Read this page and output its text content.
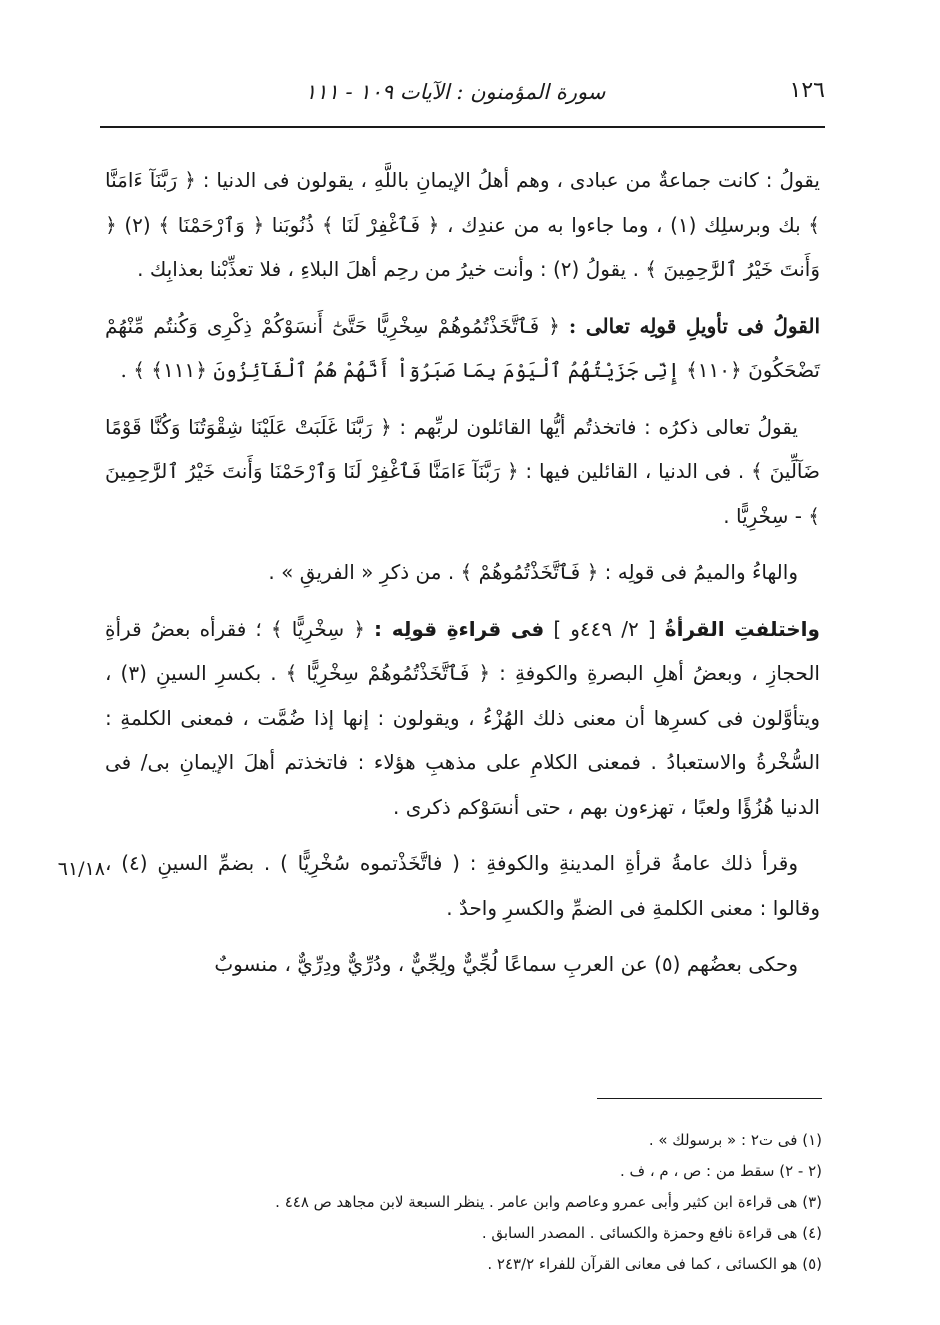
١٢٦
سورة المؤمنون : الآيات ١٠٩ - ١١١

يقولُ : كانت جماعةٌ من عبادى ، وهم أهلُ الإيمانِ باللَّهِ ، يقولون فى الدنيا : ﴿ رَبَّنَآ ءَامَنَّا ﴾ بك وبرسلِك (١) ، وما جاءوا به من عندِك ، ﴿ فَٱغْفِرْ لَنَا ﴾ ذُنُوبَنا ﴿ وَٱرْحَمْنَا ﴾ (٢) ﴿ وَأَنتَ خَيْرُ ٱلرَّٰحِمِينَ ﴾ . يقولُ (٢) : وأنت خيرُ من رحِم أهلَ البلاءِ ، فلا تعذِّبْنا بعذابِك .

القولُ فى تأويلِ قولِه تعالى : ﴿ فَٱتَّخَذْتُمُوهُمْ سِخْرِيًّا حَتَّىٰٓ أَنسَوْكُمْ ذِكْرِى وَكُنتُم مِّنْهُمْ تَضْحَكُونَ ﴿١١٠﴾ إِنِّى جَزَيْتُهُمُ ٱلْيَوْمَ بِمَا صَبَرُوٓاْ أَنَّهُمْ هُمُ ٱلْفَآئِزُونَ ﴿١١١﴾ ﴾ .

يقولُ تعالى ذكرُه : فاتخذتُم أيُّها القائلون لربِّهم : ﴿ رَبَّنَا غَلَبَتْ عَلَيْنَا شِقْوَتُنَا وَكُنَّا قَوْمًا ضَآلِّينَ ﴾ . فى الدنيا ، القائلين فيها : ﴿ رَبَّنَآ ءَامَنَّا فَٱغْفِرْ لَنَا وَٱرْحَمْنَا وَأَنتَ خَيْرُ ٱلرَّٰحِمِينَ ﴾ - سِخْرِيًّا .

والهاءُ والميمُ فى قولِه : ﴿ فَٱتَّخَذْتُمُوهُمْ ﴾ . من ذكرِ « الفريقِ » .

واختلفتِ القرأةُ [ ٢/ ٤٤٩و ] فى قراءةِ قولِه : ﴿ سِخْرِيًّا ﴾ ؛ فقرأه بعضُ قرأةِ الحجازِ ، وبعضُ أهلِ البصرةِ والكوفةِ : ﴿ فَٱتَّخَذْتُمُوهُمْ سِخْرِيًّا ﴾ . بكسرِ السينِ (٣) ، ويتأوَّلون فى كسرِها أن معنى ذلك الهُزْءُ ، ويقولون : إنها إذا ضُمَّت ، فمعنى الكلمةِ : السُّخْرةُ والاستعبادُ . فمعنى الكلامِ على مذهبِ هؤلاء : فاتخذتم أهلَ الإيمانِ بى/ فى الدنيا هُزُؤًا ولعبًا ، تهزءون بهم ، حتى أنسَوْكم ذكرى .

وقرأ ذلك عامةُ قرأةِ المدينةِ والكوفةِ : ( فاتَّخَذْتموه سُخْرِيًّا ) . بضمِّ السينِ (٤) ، وقالوا : معنى الكلمةِ فى الضمِّ والكسرِ واحدٌ .

وحكى بعضُهم (٥) عن العربِ سماعًا لُجِّيٌّ ولِجِّيٌّ ، ودُرِّيٌّ ودِرِّيٌّ ، منسوبٌ

٦١/١٨

(١) فى ت٢ : « برسولك » .

(٢ - ٢) سقط من : ص ، م ، ف .

(٣) هى قراءة ابن كثير وأبى عمرو وعاصم وابن عامر . ينظر السبعة لابن مجاهد ص ٤٤٨ .

(٤) هى قراءة نافع وحمزة والكسائى . المصدر السابق .

(٥) هو الكسائى ، كما فى معانى القرآن للفراء ٢٤٣/٢ .
